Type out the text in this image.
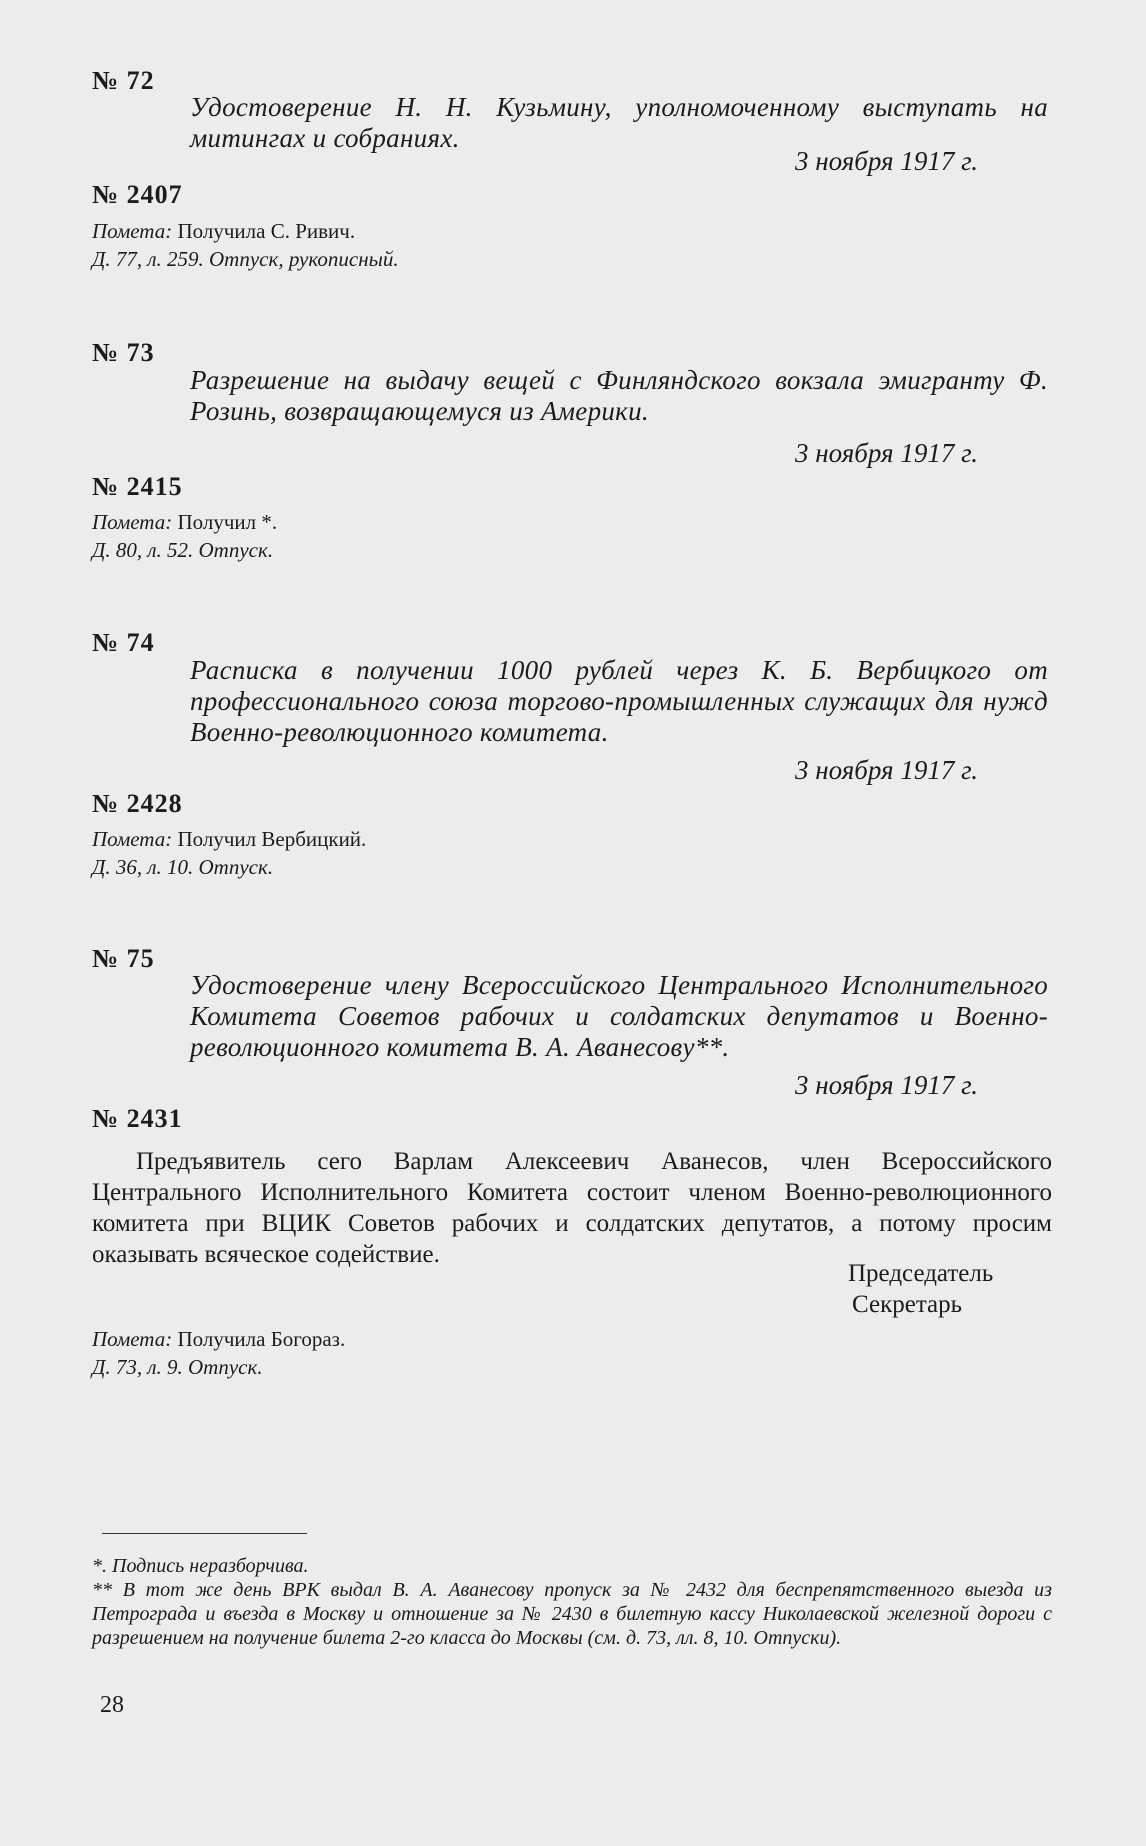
№ 72
Удостоверение Н. Н. Кузьмину, уполномоченному выступать на митингах и собраниях.
3 ноября 1917 г.
№ 2407
Помета: Получила С. Ривич.
Д. 77, л. 259. Отпуск, рукописный.
№ 73
Разрешение на выдачу вещей с Финляндского вокзала эмигранту Ф. Розинь, возвращающемуся из Америки.
3 ноября 1917 г.
№ 2415
Помета: Получил *.
Д. 80, л. 52. Отпуск.
№ 74
Расписка в получении 1000 рублей через К. Б. Вербицкого от профессионального союза торгово-промышленных служащих для нужд Военно-революционного комитета.
3 ноября 1917 г.
№ 2428
Помета: Получил Вербицкий.
Д. 36, л. 10. Отпуск.
№ 75
Удостоверение члену Всероссийского Центрального Исполнительного Комитета Советов рабочих и солдатских депутатов и Военно-революционного комитета В. А. Аванесову**.
3 ноября 1917 г.
№ 2431
Предъявитель сего Варлам Алексеевич Аванесов, член Всероссийского Центрального Исполнительного Комитета состоит членом Военно-революционного комитета при ВЦИК Советов рабочих и солдатских депутатов, а потому просим оказывать всяческое содействие.
Председатель
Секретарь
Помета: Получила Богораз.
Д. 73, л. 9. Отпуск.
*. Подпись неразборчива.
** В тот же день ВРК выдал В. А. Аванесову пропуск за № 2432 для беспрепятственного выезда из Петрограда и въезда в Москву и отношение за № 2430 в билетную кассу Николаевской железной дороги с разрешением на получение билета 2-го класса до Москвы (см. д. 73, лл. 8, 10. Отпуски).
28
